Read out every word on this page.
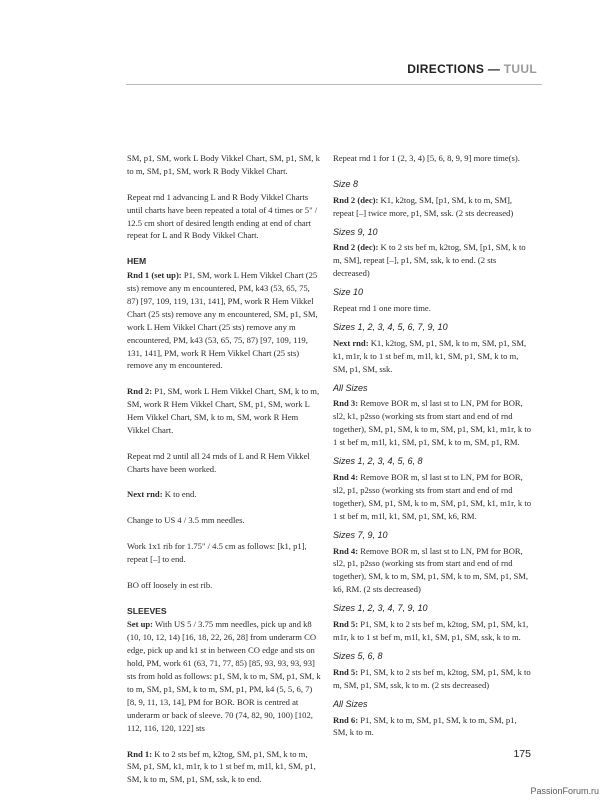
DIRECTIONS — TUUL

SM, p1, SM, work L Body Vikkel Chart, SM, p1, SM, k to m, SM, p1, SM, work R Body Vikkel Chart.

Repeat rnd 1 advancing L and R Body Vikkel Charts until charts have been repeated a total of 4 times or 5" / 12.5 cm short of desired length ending at end of chart repeat for L and R Body Vikkel Chart.

HEM

Rnd 1 (set up): P1, SM, work L Hem Vikkel Chart (25 sts) remove any m encountered, PM, k43 (53, 65, 75, 87) [97, 109, 119, 131, 141], PM, work R Hem Vikkel Chart (25 sts) remove any m encountered, SM, p1, SM, work L Hem Vikkel Chart (25 sts) remove any m encountered, PM, k43 (53, 65, 75, 87) [97, 109, 119, 131, 141], PM, work R Hem Vikkel Chart (25 sts) remove any m encountered.

Rnd 2: P1, SM, work L Hem Vikkel Chart, SM, k to m, SM, work R Hem Vikkel Chart, SM, p1, SM, work L Hem Vikkel Chart, SM, k to m, SM, work R Hem Vikkel Chart.

Repeat rnd 2 until all 24 rnds of L and R Hem Vikkel Charts have been worked.

Next rnd: K to end.

Change to US 4 / 3.5 mm needles.

Work 1x1 rib for 1.75" / 4.5 cm as follows: [k1, p1], repeat [–] to end.

BO off loosely in est rib.

SLEEVES

Set up: With US 5 / 3.75 mm needles, pick up and k8 (10, 10, 12, 14) [16, 18, 22, 26, 28] from underarm CO edge, pick up and k1 st in between CO edge and sts on hold, PM, work 61 (63, 71, 77, 85) [85, 93, 93, 93, 93] sts from hold as follows: p1, SM, k to m, SM, p1, SM, k to m, SM, p1, SM, k to m, SM, p1, PM, k4 (5, 5, 6, 7) [8, 9, 11, 13, 14], PM for BOR. BOR is centred at underarm or back of sleeve. 70 (74, 82, 90, 100) [102, 112, 116, 120, 122] sts

Rnd 1: K to 2 sts bef m, k2tog, SM, p1, SM, k to m, SM, p1, SM, k1, m1r, k to 1 st bef m, m1l, k1, SM, p1, SM, k to m, SM, p1, SM, ssk, k to end.

Repeat rnd 1 for 1 (2, 3, 4) [5, 6, 8, 9, 9] more time(s).

Size 8

Rnd 2 (dec): K1, k2tog, SM, [p1, SM, k to m, SM], repeat [–] twice more, p1, SM, ssk. (2 sts decreased)

Sizes 9, 10

Rnd 2 (dec): K to 2 sts bef m, k2tog, SM, [p1, SM, k to m, SM], repeat [–], p1, SM, ssk, k to end. (2 sts decreased)

Size 10

Repeat rnd 1 one more time.

Sizes 1, 2, 3, 4, 5, 6, 7, 9, 10

Next rnd: K1, k2tog, SM, p1, SM, k to m, SM, p1, SM, k1, m1r, k to 1 st bef m, m1l, k1, SM, p1, SM, k to m, SM, p1, SM, ssk.

All Sizes

Rnd 3: Remove BOR m, sl last st to LN, PM for BOR, sl2, k1, p2sso (working sts from start and end of rnd together), SM, p1, SM, k to m, SM, p1, SM, k1, m1r, k to 1 st bef m, m1l, k1, SM, p1, SM, k to m, SM, p1, RM.

Sizes 1, 2, 3, 4, 5, 6, 8

Rnd 4: Remove BOR m, sl last st to LN, PM for BOR, sl2, p1, p2sso (working sts from start and end of rnd together), SM, p1, SM, k to m, SM, p1, SM, k1, m1r, k to 1 st bef m, m1l, k1, SM, p1, SM, k6, RM.

Sizes 7, 9, 10

Rnd 4: Remove BOR m, sl last st to LN, PM for BOR, sl2, p1, p2sso (working sts from start and end of rnd together), SM, k to m, SM, p1, SM, k to m, SM, p1, SM, k6, RM. (2 sts decreased)

Sizes 1, 2, 3, 4, 7, 9, 10

Rnd 5: P1, SM, k to 2 sts bef m, k2tog, SM, p1, SM, k1, m1r, k to 1 st bef m, m1l, k1, SM, p1, SM, ssk, k to m.

Sizes 5, 6, 8

Rnd 5: P1, SM, k to 2 sts bef m, k2tog, SM, p1, SM, k to m, SM, p1, SM, ssk, k to m. (2 sts decreased)

All Sizes

Rnd 6: P1, SM, k to m, SM, p1, SM, k to m, SM, p1, SM, k to m.

175
PassionForum.ru
